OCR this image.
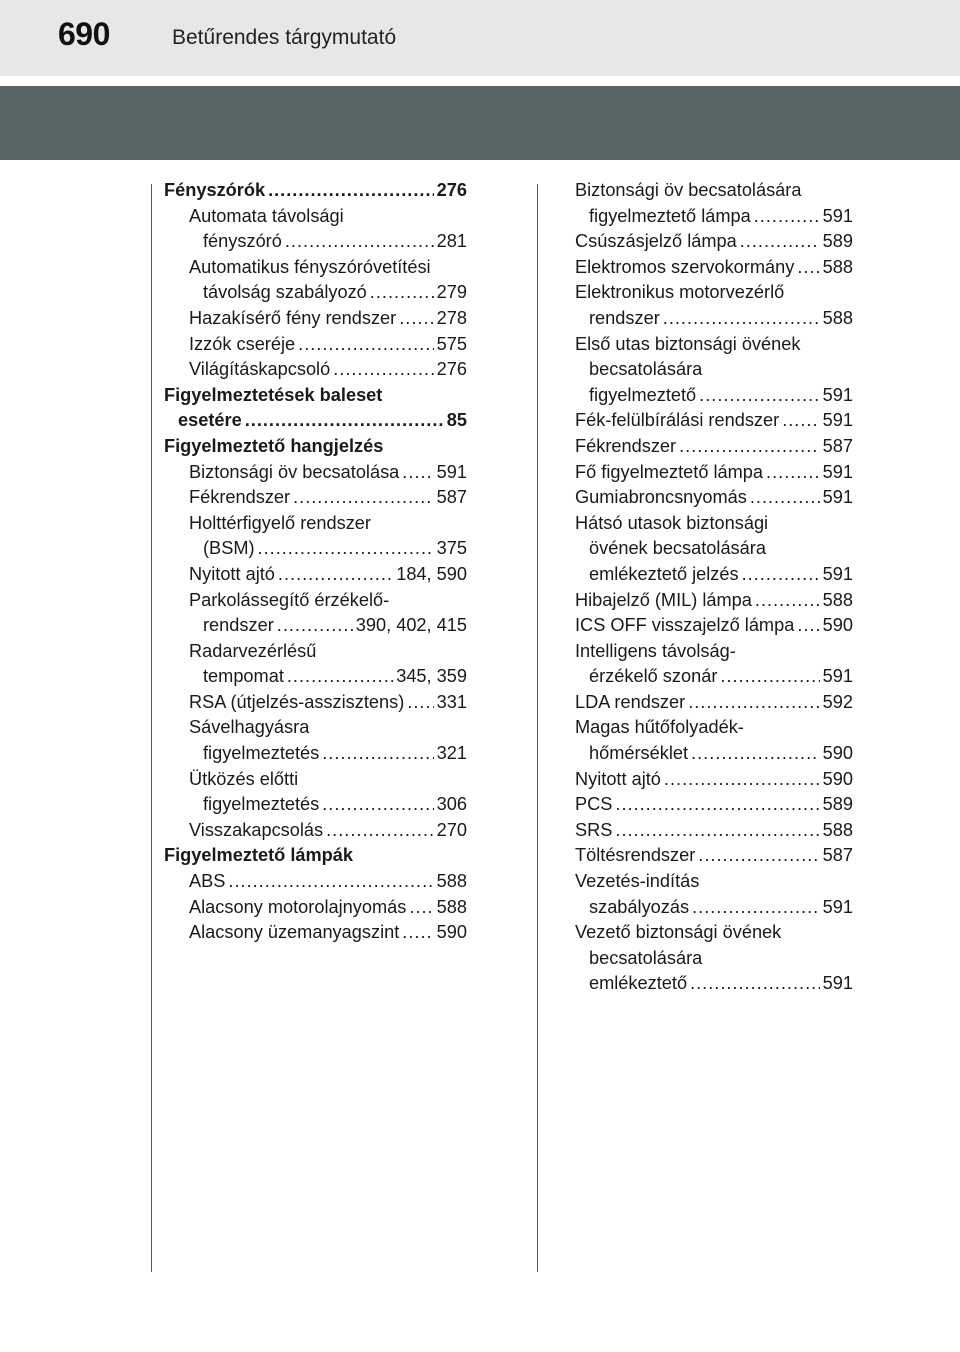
690	Betűrendes tárgymutató
Fényszórók .....	276
Automata távolsági
fényszóró .....	281
Automatikus fényszóróvetítési
távolság szabályozó .....	279
Hazakísérő fény rendszer ..... 278
Izzók cseréje .....	575
Világításkapcsoló .....	276
Figyelmeztetések baleset
esetére .....	85
Figyelmeztető hangjelzés
Biztonsági öv becsatolása ..... 591
Fékrendszer .....	587
Holttérfigyelő rendszer
(BSM) .....	375
Nyitott ajtó .....	184, 590
Parkolássegítő érzékelő-
rendszer .....	390, 402, 415
Radarvezérlésű
tempomat .....	345, 359
RSA (útjelzés-asszisztens) ..... 331
Sávelhagyásra
figyelmeztetés .....	321
Ütközés előtti
figyelmeztetés .....	306
Visszakapcsolás .....	270
Figyelmeztető lámpák
ABS .....	588
Alacsony motorolajnyomás ..... 588
Alacsony üzemanyagszint ..... 590
Biztonsági öv becsatolására
figyelmeztető lámpa .....	591
Csúszásjelző lámpa .....	589
Elektromos szervokormány ..... 588
Elektronikus motorvezérlő
rendszer .....	588
Első utas biztonsági övének
becsatolására
figyelmeztető .....	591
Fék-felülbírálási rendszer ..... 591
Fékrendszer .....	587
Fő figyelmeztető lámpa .....	591
Gumiabroncsnyomás .....	591
Hátsó utasok biztonsági
övének becsatolására
emlékeztető jelzés .....	591
Hibajelző (MIL) lámpa .....	588
ICS OFF visszajelző lámpa ..... 590
Intelligens távolság-
érzékelő szonár .....	591
LDA rendszer .....	592
Magas hűtőfolyadék-
hőmérséklet .....	590
Nyitott ajtó .....	590
PCS .....	589
SRS .....	588
Töltésrendszer .....	587
Vezetés-indítás
szabályozás .....	591
Vezető biztonsági övének
becsatolására
emlékeztető .....	591
